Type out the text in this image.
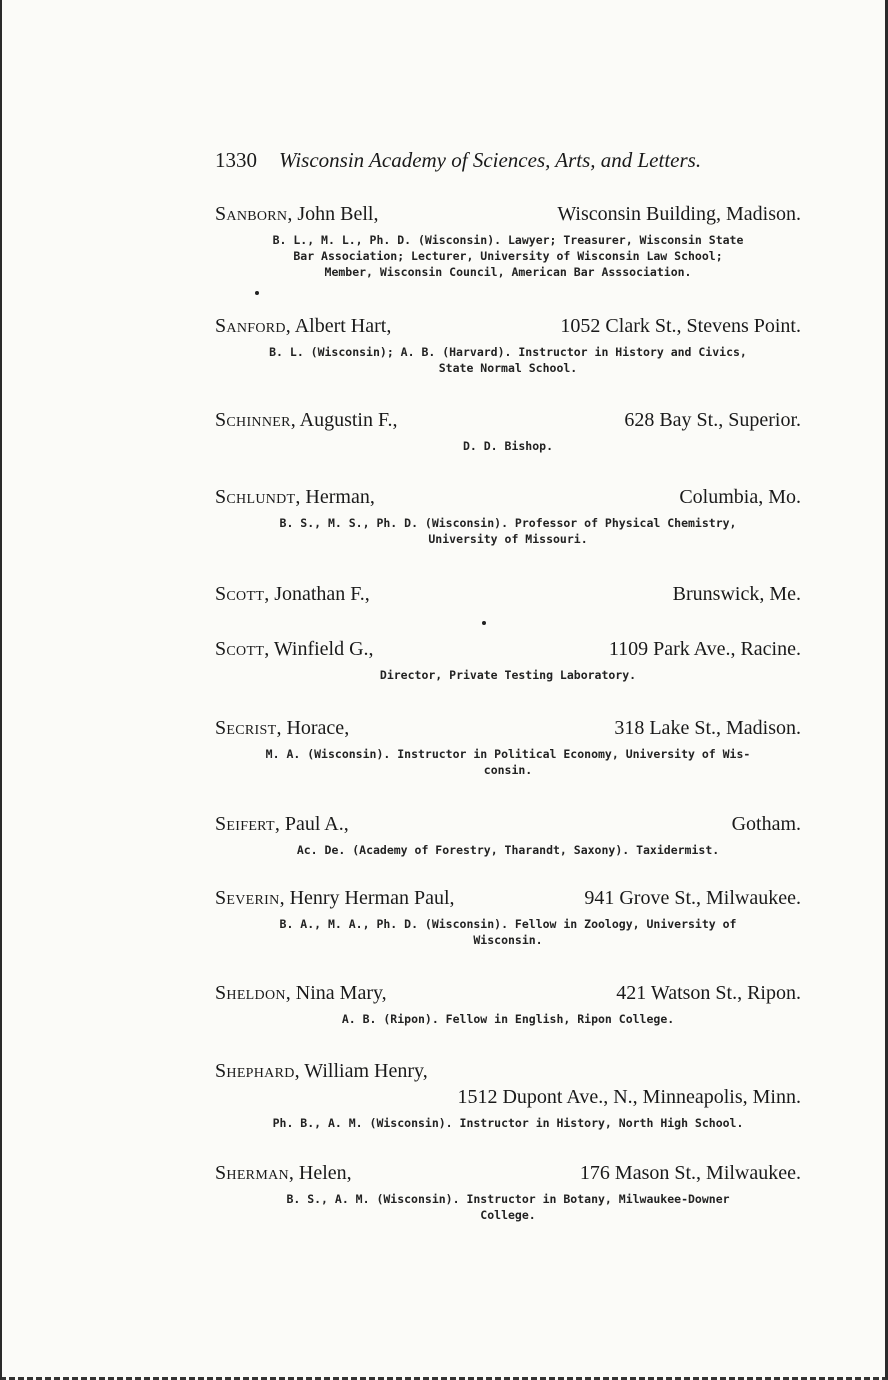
1330 Wisconsin Academy of Sciences, Arts, and Letters.
Sanborn, John Bell,	Wisconsin Building, Madison.
B. L., M. L., Ph. D. (Wisconsin). Lawyer; Treasurer, Wisconsin State
Bar Association; Lecturer, University of Wisconsin Law School;
Member, Wisconsin Council, American Bar Asssociation.
Sanford, Albert Hart,	1052 Clark St., Stevens Point.
B. L. (Wisconsin); A. B. (Harvard). Instructor in History and Civics,
State Normal School.
Schinner, Augustin F.,	628 Bay St., Superior.
D. D. Bishop.
Schlundt, Herman,	Columbia, Mo.
B. S., M. S., Ph. D. (Wisconsin). Professor of Physical Chemistry,
University of Missouri.
Scott, Jonathan F.,	Brunswick, Me.
Scott, Winfield G.,	1109 Park Ave., Racine.
Director, Private Testing Laboratory.
Secrist, Horace,	318 Lake St., Madison.
M. A. (Wisconsin). Instructor in Political Economy, University of Wis-
consin.
Seifert, Paul A.,	Gotham.
Ac. De. (Academy of Forestry, Tharandt, Saxony). Taxidermist.
Severin, Henry Herman Paul,	941 Grove St., Milwaukee.
B. A., M. A., Ph. D. (Wisconsin). Fellow in Zoology, University of
Wisconsin.
Sheldon, Nina Mary,	421 Watson St., Ripon.
A. B. (Ripon). Fellow in English, Ripon College.
Shephard, William Henry,
1512 Dupont Ave., N., Minneapolis, Minn.
Ph. B., A. M. (Wisconsin). Instructor in History, North High School.
Sherman, Helen,	176 Mason St., Milwaukee.
B. S., A. M. (Wisconsin). Instructor in Botany, Milwaukee-Downer
College.
